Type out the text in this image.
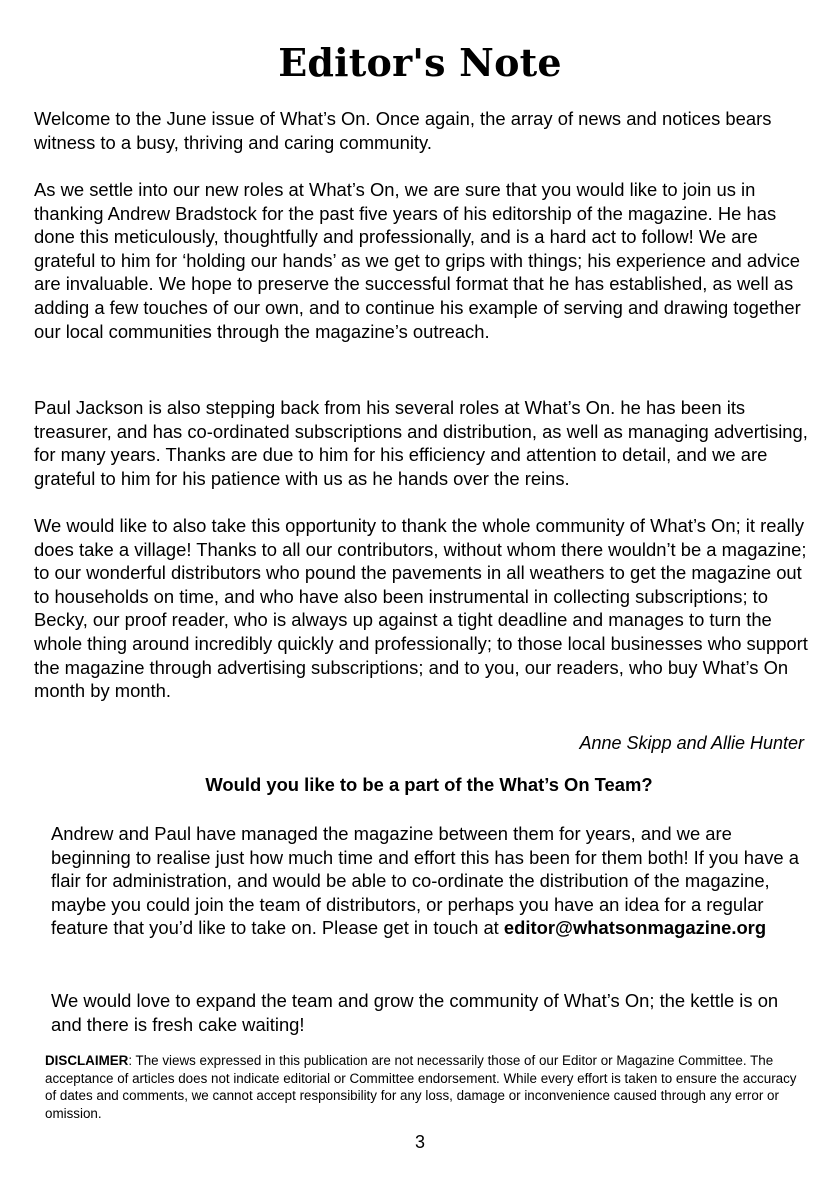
Editor's Note

Welcome to the June issue of What’s On. Once again, the array of news and notices bears witness to a busy, thriving and caring community.

As we settle into our new roles at What’s On, we are sure that you would like to join us in thanking Andrew Bradstock for the past five years of his editorship of the magazine. He has done this meticulously, thoughtfully and professionally, and is a hard act to follow! We are grateful to him for ‘holding our hands’ as we get to grips with things; his experience and advice are invaluable. We hope to preserve the successful format that he has established, as well as adding a few touches of our own, and to continue his example of serving and drawing together our local communities through the magazine’s outreach.

Paul Jackson is also stepping back from his several roles at What’s On. he has been its treasurer, and has co-ordinated subscriptions and distribution, as well as managing advertising, for many years. Thanks are due to him for his efficiency and attention to detail, and we are grateful to him for his patience with us as he hands over the reins.

We would like to also take this opportunity to thank the whole community of What’s On; it really does take a village! Thanks to all our contributors, without whom there wouldn’t be a magazine; to our wonderful distributors who pound the pavements in all weathers to get the magazine out to households on time, and who have also been instrumental in collecting subscriptions; to Becky, our proof reader, who is always up against a tight deadline and manages to turn the whole thing around incredibly quickly and professionally; to those local businesses who support the magazine through advertising subscriptions; and to you, our readers, who buy What’s On month by month.

Anne Skipp and Allie Hunter
Would you like to be a part of the What’s On Team?

Andrew and Paul have managed the magazine between them for years, and we are beginning to realise just how much time and effort this has been for them both! If you have a flair for administration, and would be able to co-ordinate the distribution of the magazine, maybe you could join the team of distributors, or perhaps you have an idea for a regular feature that you’d like to take on. Please get in touch at editor@whatsonmagazine.org

We would love to expand the team and grow the community of What’s On; the kettle is on and there is fresh cake waiting!

DISCLAIMER: The views expressed in this publication are not necessarily those of our Editor or Magazine Committee. The acceptance of articles does not indicate editorial or Committee endorsement. While every effort is taken to ensure the accuracy of dates and comments, we cannot accept responsibility for any loss, damage or inconvenience caused through any error or omission.

3
